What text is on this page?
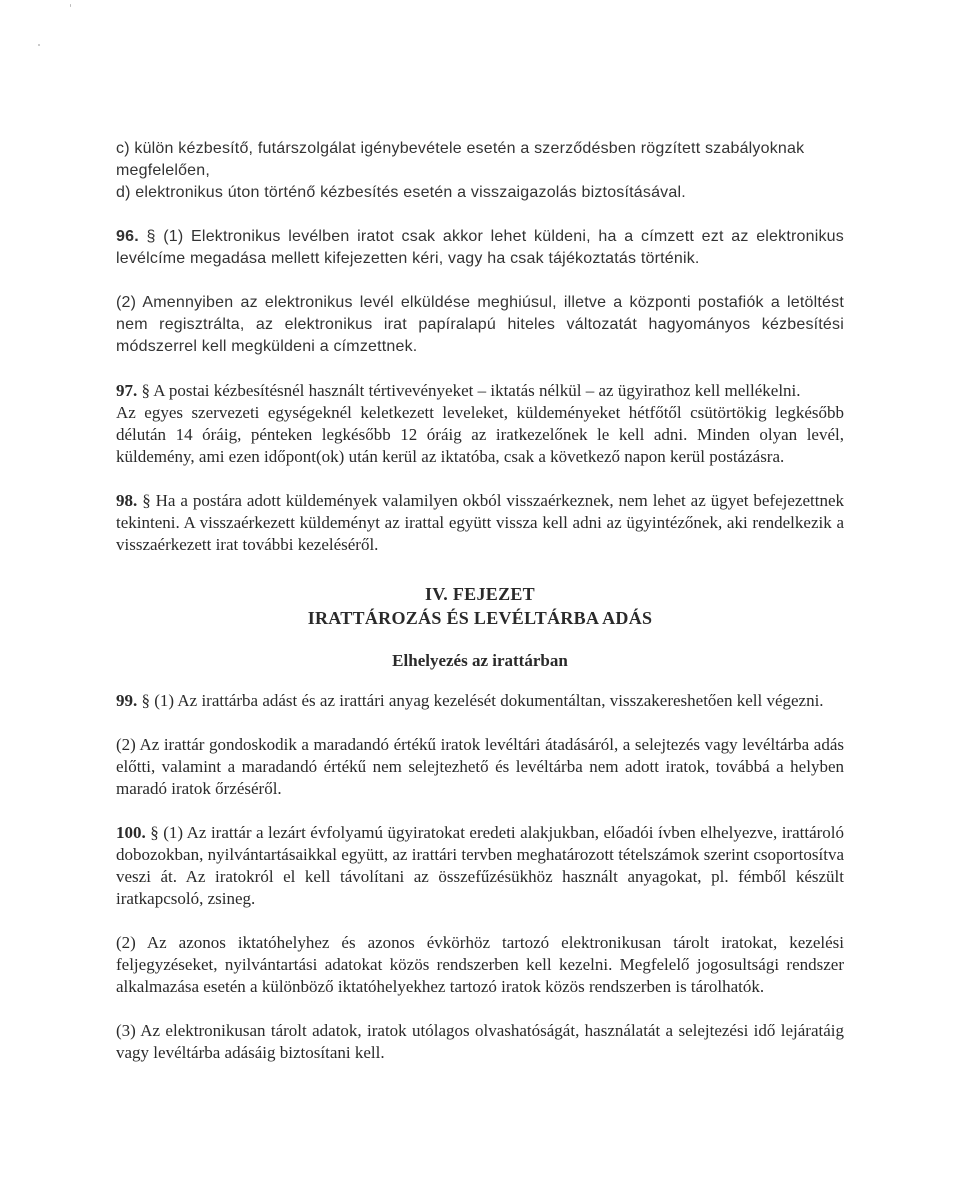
c) külön kézbesítő, futárszolgálat igénybevétele esetén a szerződésben rögzített szabályoknak megfelelően,

d) elektronikus úton történő kézbesítés esetén a visszaigazolás biztosításával.

96. § (1) Elektronikus levélben iratot csak akkor lehet küldeni, ha a címzett ezt az elektronikus levélcíme megadása mellett kifejezetten kéri, vagy ha csak tájékoztatás történik.

(2) Amennyiben az elektronikus levél elküldése meghiúsul, illetve a központi postafiók a letöltést nem regisztrálta, az elektronikus irat papíralapú hiteles változatát hagyományos kézbesítési módszerrel kell megküldeni a címzettnek.

97. § A postai kézbesítésnél használt tértivevényeket – iktatás nélkül – az ügyirathoz kell mellékelni.

Az egyes szervezeti egységeknél keletkezett leveleket, küldeményeket hétfőtől csütörtökig legkésőbb délután 14 óráig, pénteken legkésőbb 12 óráig az iratkezelőnek le kell adni. Minden olyan levél, küldemény, ami ezen időpont(ok) után kerül az iktatóba, csak a következő napon kerül postázásra.

98. § Ha a postára adott küldemények valamilyen okból visszaérkeznek, nem lehet az ügyet befejezettnek tekinteni. A visszaérkezett küldeményt az irattal együtt vissza kell adni az ügyintézőnek, aki rendelkezik a visszaérkezett irat további kezeléséről.

IV. FEJEZET
IRATTÁROZÁS ÉS LEVÉLTÁRBA ADÁS
Elhelyezés az irattárban

99. § (1) Az irattárba adást és az irattári anyag kezelését dokumentáltan, visszakereshetően kell végezni.

(2) Az irattár gondoskodik a maradandó értékű iratok levéltári átadásáról, a selejtezés vagy levéltárba adás előtti, valamint a maradandó értékű nem selejtezhető és levéltárba nem adott iratok, továbbá a helyben maradó iratok őrzéséről.

100. § (1) Az irattár a lezárt évfolyamú ügyiratokat eredeti alakjukban, előadói ívben elhelyezve, irattároló dobozokban, nyilvántartásaikkal együtt, az irattári tervben meghatározott tételszámok szerint csoportosítva veszi át. Az iratokról el kell távolítani az összefűzésükhöz használt anyagokat, pl. fémből készült iratkapcsoló, zsineg.

(2) Az azonos iktatóhelyhez és azonos évkörhöz tartozó elektronikusan tárolt iratokat, kezelési feljegyzéseket, nyilvántartási adatokat közös rendszerben kell kezelni. Megfelelő jogosultsági rendszer alkalmazása esetén a különböző iktatóhelyekhez tartozó iratok közös rendszerben is tárolhatók.

(3) Az elektronikusan tárolt adatok, iratok utólagos olvashatóságát, használatát a selejtezési idő lejáratáig vagy levéltárba adásáig biztosítani kell.
